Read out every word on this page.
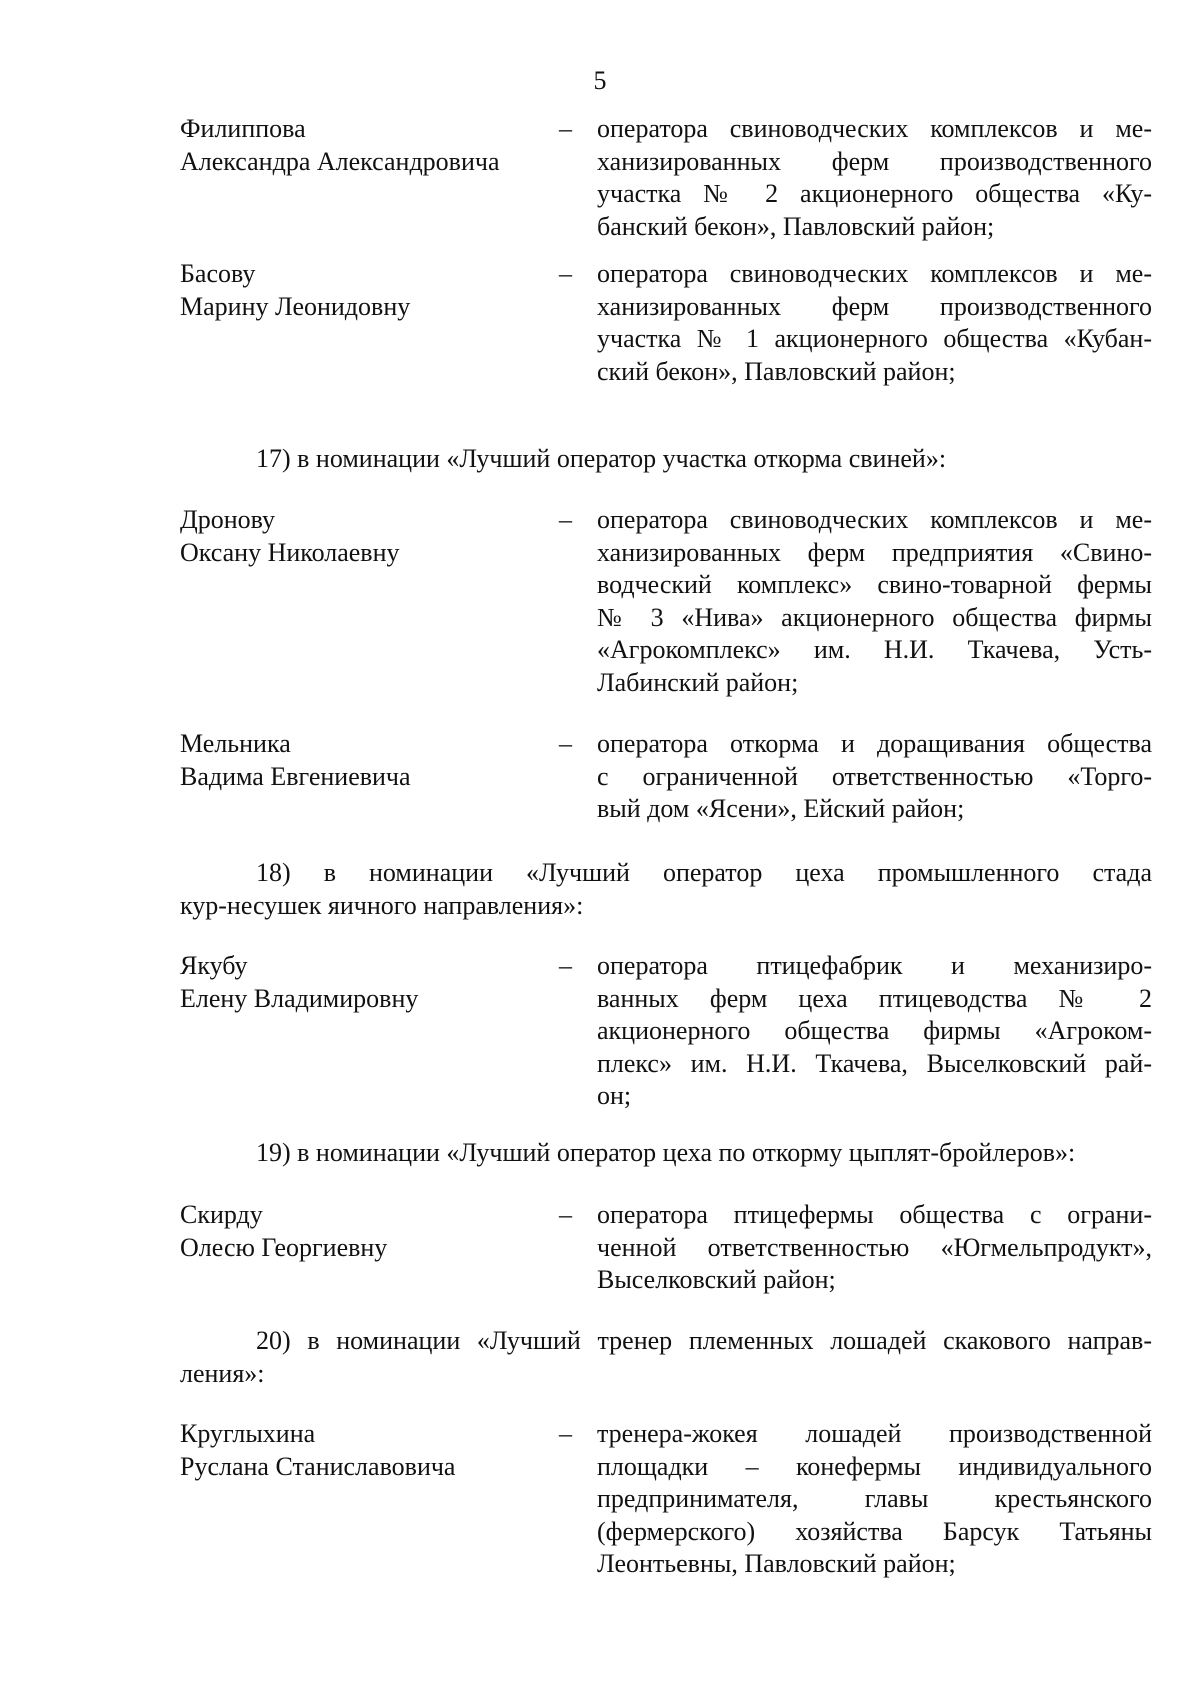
5
Филиппова
Александра Александровича
– оператора свиноводческих комплексов и ме-
ханизированных ферм производственного
участка № 2 акционерного общества «Ку-
банский бекон», Павловский район;
Басову
Марину Леонидовну
– оператора свиноводческих комплексов и ме-
ханизированных ферм производственного
участка № 1 акционерного общества «Кубан-
ский бекон», Павловский район;
17) в номинации «Лучший оператор участка откорма свиней»:
Дронову
Оксану Николаевну
– оператора свиноводческих комплексов и ме-
ханизированных ферм предприятия «Свино-
водческий комплекс» свино-товарной фермы
№ 3 «Нива» акционерного общества фирмы
«Агрокомплекс» им. Н.И. Ткачева, Усть-
Лабинский район;
Мельника
Вадима Евгениевича
– оператора откорма и доращивания общества
с ограниченной ответственностью «Торго-
вый дом «Ясени», Ейский район;
18) в номинации «Лучший оператор цеха промышленного стада
кур-несушек яичного направления»:
Якубу
Елену Владимировну
– оператора птицефабрик и механизиро-
ванных ферм цеха птицеводства № 2
акционерного общества фирмы «Агроком-
плекс» им. Н.И. Ткачева, Выселковский рай-
он;
19) в номинации «Лучший оператор цеха по откорму цыплят-бройлеров»:
Скирду
Олесю Георгиевну
– оператора птицефермы общества с ограни-
ченной ответственностью «Югмельпродукт»,
Выселковский район;
20) в номинации «Лучший тренер племенных лошадей скакового направ-
ления»:
Круглыхина
Руслана Станиславовича
– тренера-жокея лошадей производственной
площадки – конефермы индивидуального
предпринимателя, главы крестьянского
(фермерского) хозяйства Барсук Татьяны
Леонтьевны, Павловский район;
